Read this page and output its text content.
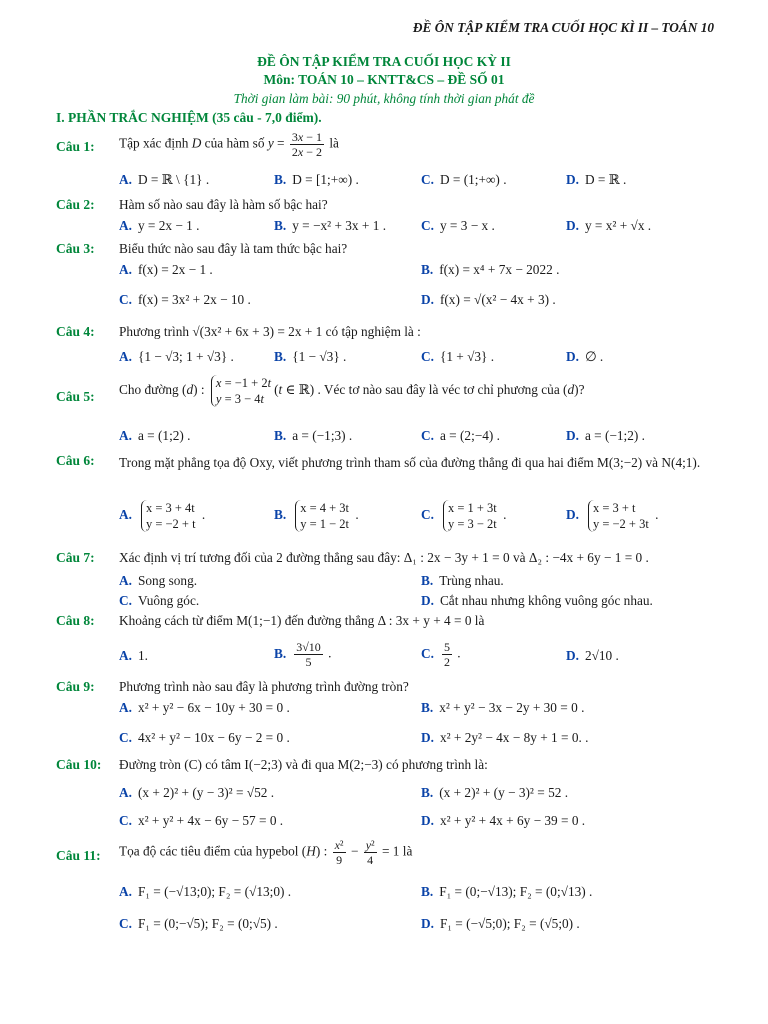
ĐỀ ÔN TẬP KIỂM TRA CUỐI HỌC KÌ II – TOÁN 10
ĐỀ ÔN TẬP KIỂM TRA CUỐI HỌC KỲ II
Môn: TOÁN 10 – KNTT&CS – ĐỀ SỐ 01
Thời gian làm bài: 90 phút, không tính thời gian phát đề
I. PHẦN TRẮC NGHIỆM (35 câu - 7,0 điểm).
Câu 1: Tập xác định D của hàm số $y = \frac{3x - 1}{2x - 2}$ là
A. D = ℝ \ {1} .	B. D = [1;+∞) .	C. D = (1;+∞) .	D. D = ℝ .
Câu 2: Hàm số nào sau đây là hàm số bậc hai?
A. y = 2x − 1 .	B. y = −x² + 3x + 1 .	C. y = 3 − x .	D. y = x² + √x .
Câu 3: Biểu thức nào sau đây là tam thức bậc hai?
A. f(x) = 2x − 1 .	B. f(x) = x⁴ + 7x − 2022 .
C. f(x) = 3x² + 2x − 10 .	D. f(x) = √(x² − 4x + 3) .
Câu 4: Phương trình √(3x² + 6x + 3) = 2x + 1 có tập nghiệm là :
A. {1 − √3; 1 + √3} .	B. {1 − √3} .	C. {1 + √3} .	D. ∅ .
Câu 5: Cho đường (d) : x = −1 + 2t
y = 3 − 4t
(t ∈ ℝ) . Véc tơ nào sau đây là véc tơ chỉ phương của (d)?
A. a = (1;2) .	B. a = (−1;3) .	C. a = (2;−4) .	D. a = (−1;2) .
Câu 6: Trong mặt phẳng tọa độ Oxy, viết phương trình tham số của đường thẳng đi qua hai điểm M(3;−2) và N(4;1).
A. x = 3 + 4t
y = −2 + t
.	B. x = 4 + 3t
y = 1 − 2t
.	C. x = 1 + 3t
y = 3 − 2t
.	D. x = 3 + t
y = −2 + 3t
.
Câu 7: Xác định vị trí tương đối của 2 đường thẳng sau đây: Δ₁ : 2x − 3y + 1 = 0 và Δ₂ : −4x + 6y − 1 = 0 .
A. Song song.	B. Trùng nhau.
C. Vuông góc.	D. Cắt nhau nhưng không vuông góc nhau.
Câu 8: Khoảng cách từ điểm M(1;−1) đến đường thẳng Δ : 3x + y + 4 = 0 là
A. 1.	B. $\frac{3√10}{5}$ .	C. $\frac{5}{2}$ .	D. 2√10 .
Câu 9: Phương trình nào sau đây là phương trình đường tròn?
A. x² + y² − 6x − 10y + 30 = 0 .	B. x² + y² − 3x − 2y + 30 = 0 .
C. 4x² + y² − 10x − 6y − 2 = 0 .	D. x² + 2y² − 4x − 8y + 1 = 0. .
Câu 10: Đường tròn (C) có tâm I(−2;3) và đi qua M(2;−3) có phương trình là:
A. (x + 2)² + (y − 3)² = √52 .	B. (x + 2)² + (y − 3)² = 52 .
C. x² + y² + 4x − 6y − 57 = 0 .	D. x² + y² + 4x + 6y − 39 = 0 .
Câu 11: Tọa độ các tiêu điểm của hypebol (H) : $\frac{\text{x²}}{9} - \frac{\text{y²}}{4} = 1$ là
A. F₁ = (−√13;0); F₂ = (√13;0) .	B. F₁ = (0;−√13); F₂ = (0;√13) .
C. F₁ = (0;−√5); F₂ = (0;√5) .	D. F₁ = (−√5;0); F₂ = (√5;0) .
